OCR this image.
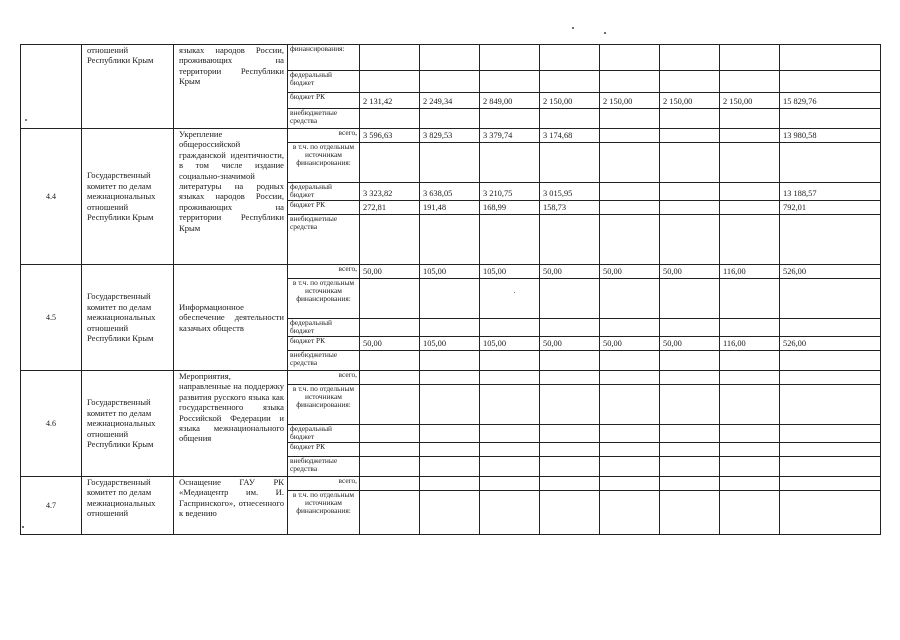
	отношений Республики Крым	языках народов России, проживающих на территории Республики Крым	финансирования:								
			федеральный бюджет								
			бюджет РК	2 131,42	2 249,34	2 849,00	2 150,00	2 150,00	2 150,00	2 150,00	15 829,76
			внебюджетные средства								
4.4	Государственный комитет по делам межнациональных отношений Республики Крым	Укрепление общероссийской гражданской идентичности, в том числе издание социально-значимой литературы на родных языках народов России, проживающих на территории Республики Крым	всего,	3 596,63	3 829,53	3 379,74	3 174,68				13 980,58
			в т.ч. по отдельным источникам финансирования:								
			федеральный бюджет	3 323,82	3 638,05	3 210,75	3 015,95				13 188,57
			бюджет РК	272,81	191,48	168,99	158,73				792,01
			внебюджетные средства								
4.5	Государственный комитет по делам межнациональных отношений Республики Крым	Информационное обеспечение деятельности казачьих обществ	всего,	50,00	105,00	105,00	50,00	50,00	50,00	116,00	526,00
			в т.ч. по отдельным источникам финансирования:								
			федеральный бюджет								
			бюджет РК	50,00	105,00	105,00	50,00	50,00	50,00	116,00	526,00
			внебюджетные средства								
4.6	Государственный комитет по делам межнациональных отношений Республики Крым	Мероприятия, направленные на поддержку развития русского языка как государственного языка Российской Федерации и языка межнационального общения	всего,								
			в т.ч. по отдельным источникам финансирования:								
			федеральный бюджет								
			бюджет РК								
			внебюджетные средства								
4.7	Государственный комитет по делам межнациональных отношений	Оснащение ГАУ РК «Медиацентр им. И. Гаспринского», отнесенного к ведению	всего,								
			в т.ч. по отдельным источникам финансирования:								
